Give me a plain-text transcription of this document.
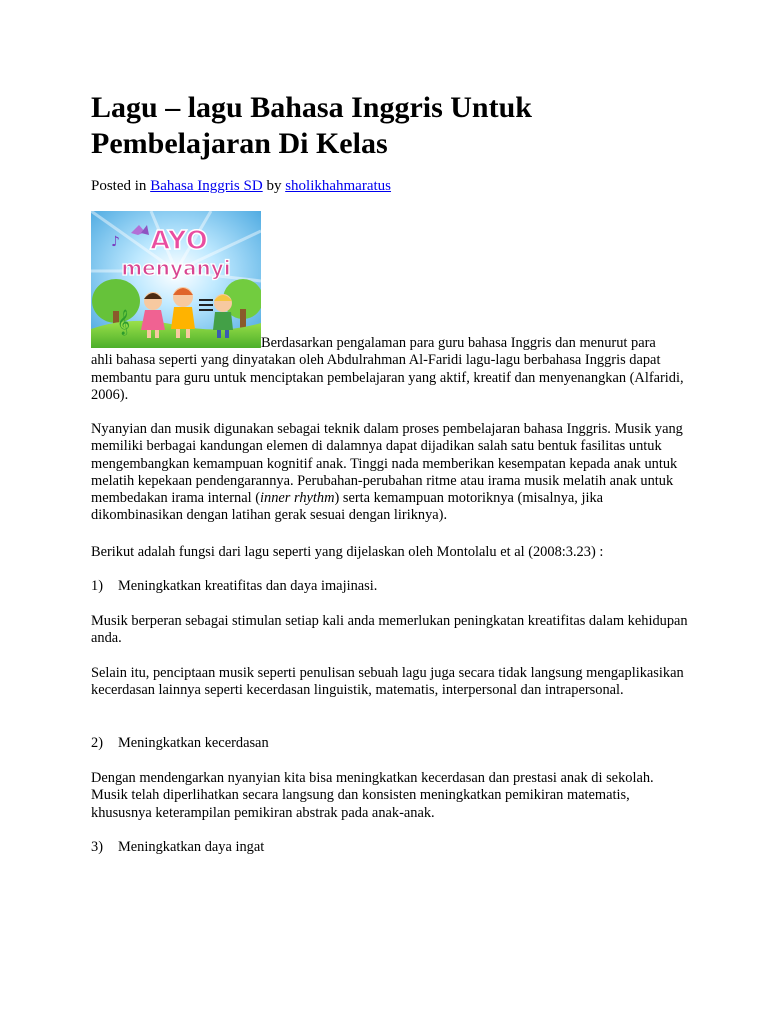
Lagu – lagu Bahasa Inggris Untuk Pembelajaran Di Kelas
Posted in Bahasa Inggris SD by sholikhahmaratus
AYO
menyanyi
♪
𝄞

Berdasarkan pengalaman para guru bahasa Inggris dan menurut para
ahli bahasa seperti yang dinyatakan oleh Abdulrahman Al-Faridi lagu-lagu berbahasa Inggris dapat membantu para guru untuk menciptakan pembelajaran yang aktif, kreatif dan menyenangkan (Alfaridi, 2006).

Nyanyian dan musik digunakan sebagai teknik dalam proses pembelajaran bahasa Inggris. Musik yang memiliki berbagai kandungan elemen di dalamnya dapat dijadikan salah satu bentuk fasilitas untuk mengembangkan kemampuan kognitif anak. Tinggi nada memberikan kesempatan kepada anak untuk melatih kepekaan pendengarannya. Perubahan-perubahan ritme atau irama musik melatih anak untuk membedakan irama internal (inner rhythm) serta kemampuan motoriknya (misalnya, jika dikombinasikan dengan latihan gerak sesuai dengan liriknya).

Berikut adalah fungsi dari lagu seperti yang dijelaskan oleh Montolalu et al (2008:3.23) :

1) Meningkatkan kreatifitas dan daya imajinasi.

Musik berperan sebagai stimulan setiap kali anda memerlukan peningkatan kreatifitas dalam kehidupan anda.

Selain itu, penciptaan musik seperti penulisan sebuah lagu juga secara tidak langsung mengaplikasikan kecerdasan lainnya seperti kecerdasan linguistik, matematis, interpersonal dan intrapersonal.

2) Meningkatkan kecerdasan

Dengan mendengarkan nyanyian kita bisa meningkatkan kecerdasan dan prestasi anak di sekolah. Musik telah diperlihatkan secara langsung dan konsisten meningkatkan pemikiran matematis, khususnya keterampilan pemikiran abstrak pada anak-anak.

3) Meningkatkan daya ingat
